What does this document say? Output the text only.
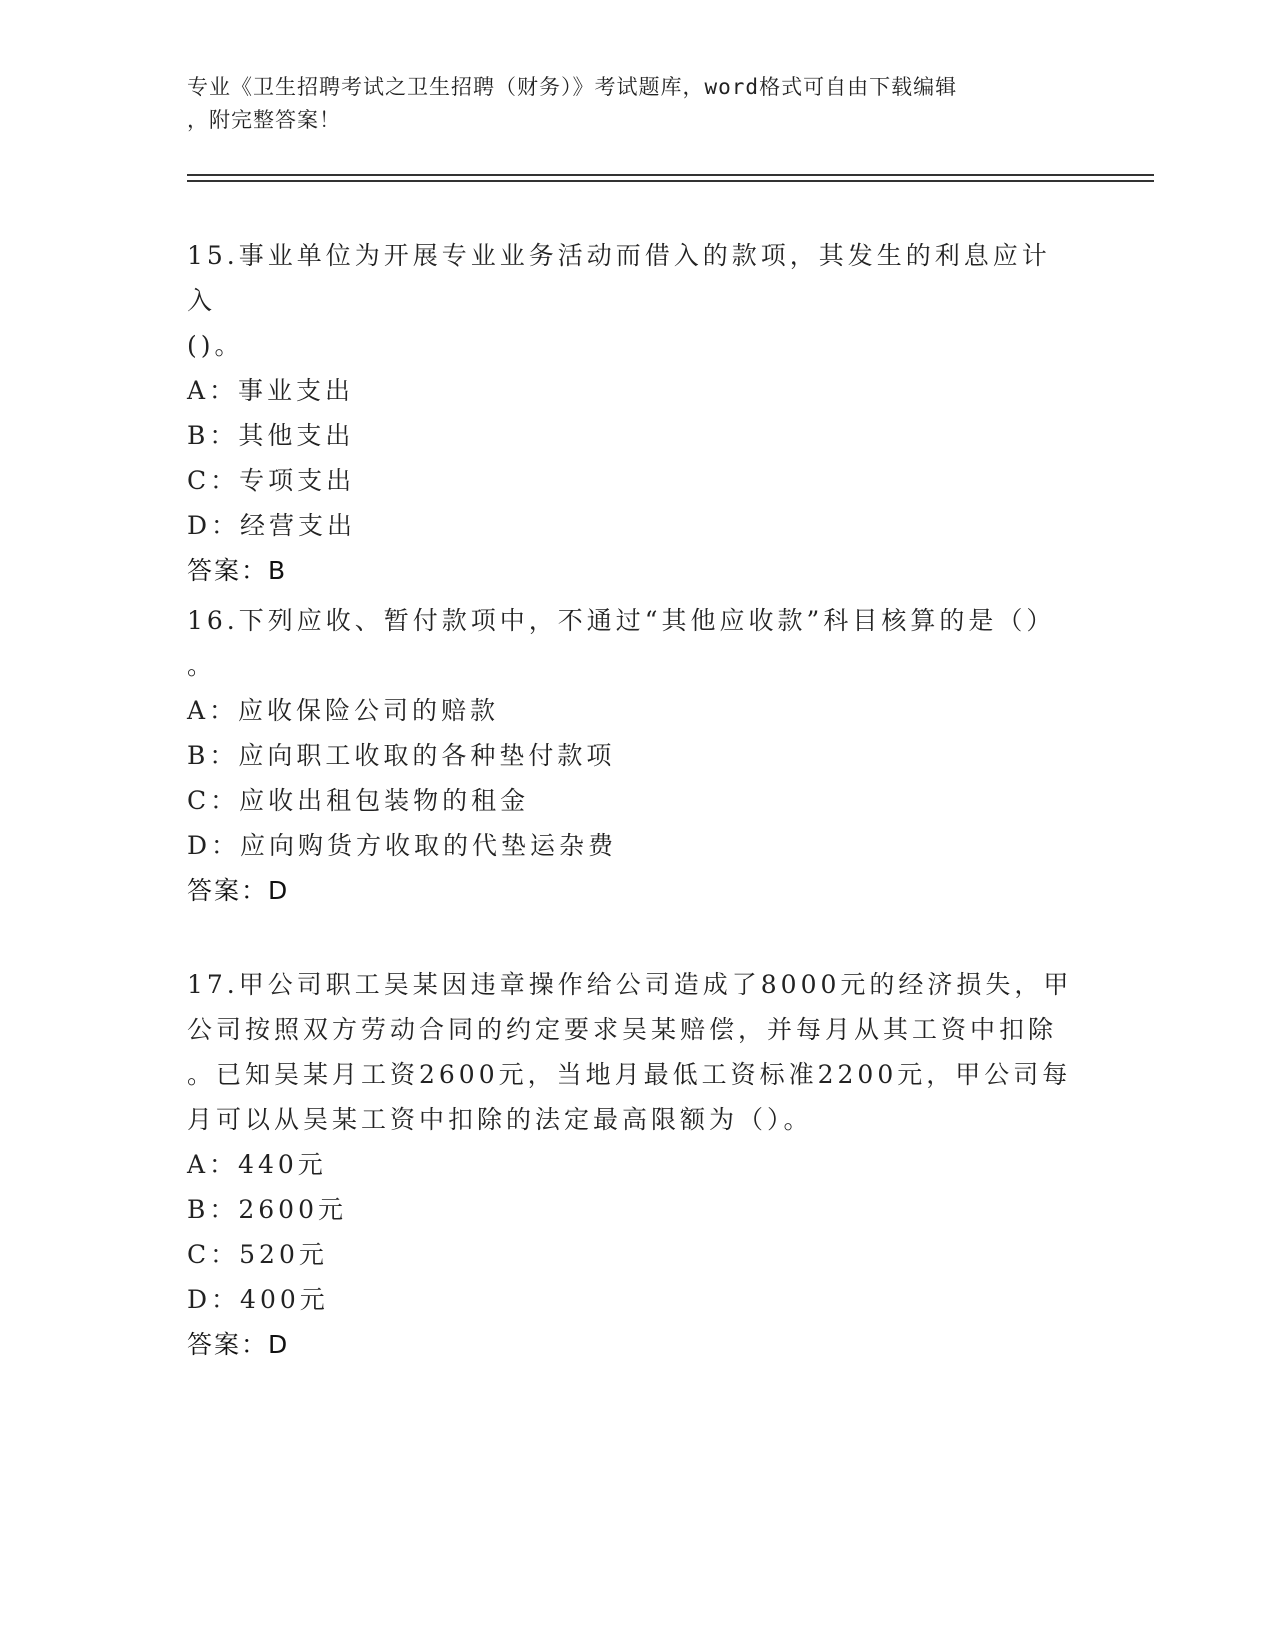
专业《卫生招聘考试之卫生招聘（财务）》考试题库，word格式可自由下载编辑

，附完整答案！

15.事业单位为开展专业业务活动而借入的款项，其发生的利息应计入

()。

A：事业支出

B：其他支出

C：专项支出

D：经营支出

答案：B

16.下列应收、暂付款项中，不通过“其他应收款”科目核算的是（）

。

A：应收保险公司的赔款

B：应向职工收取的各种垫付款项

C：应收出租包装物的租金

D：应向购货方收取的代垫运杂费

答案：D

17.甲公司职工吴某因违章操作给公司造成了8000元的经济损失，甲

公司按照双方劳动合同的约定要求吴某赔偿，并每月从其工资中扣除

。已知吴某月工资2600元，当地月最低工资标准2200元，甲公司每

月可以从吴某工资中扣除的法定最高限额为（）。

A：440元

B：2600元

C：520元

D：400元

答案：D
